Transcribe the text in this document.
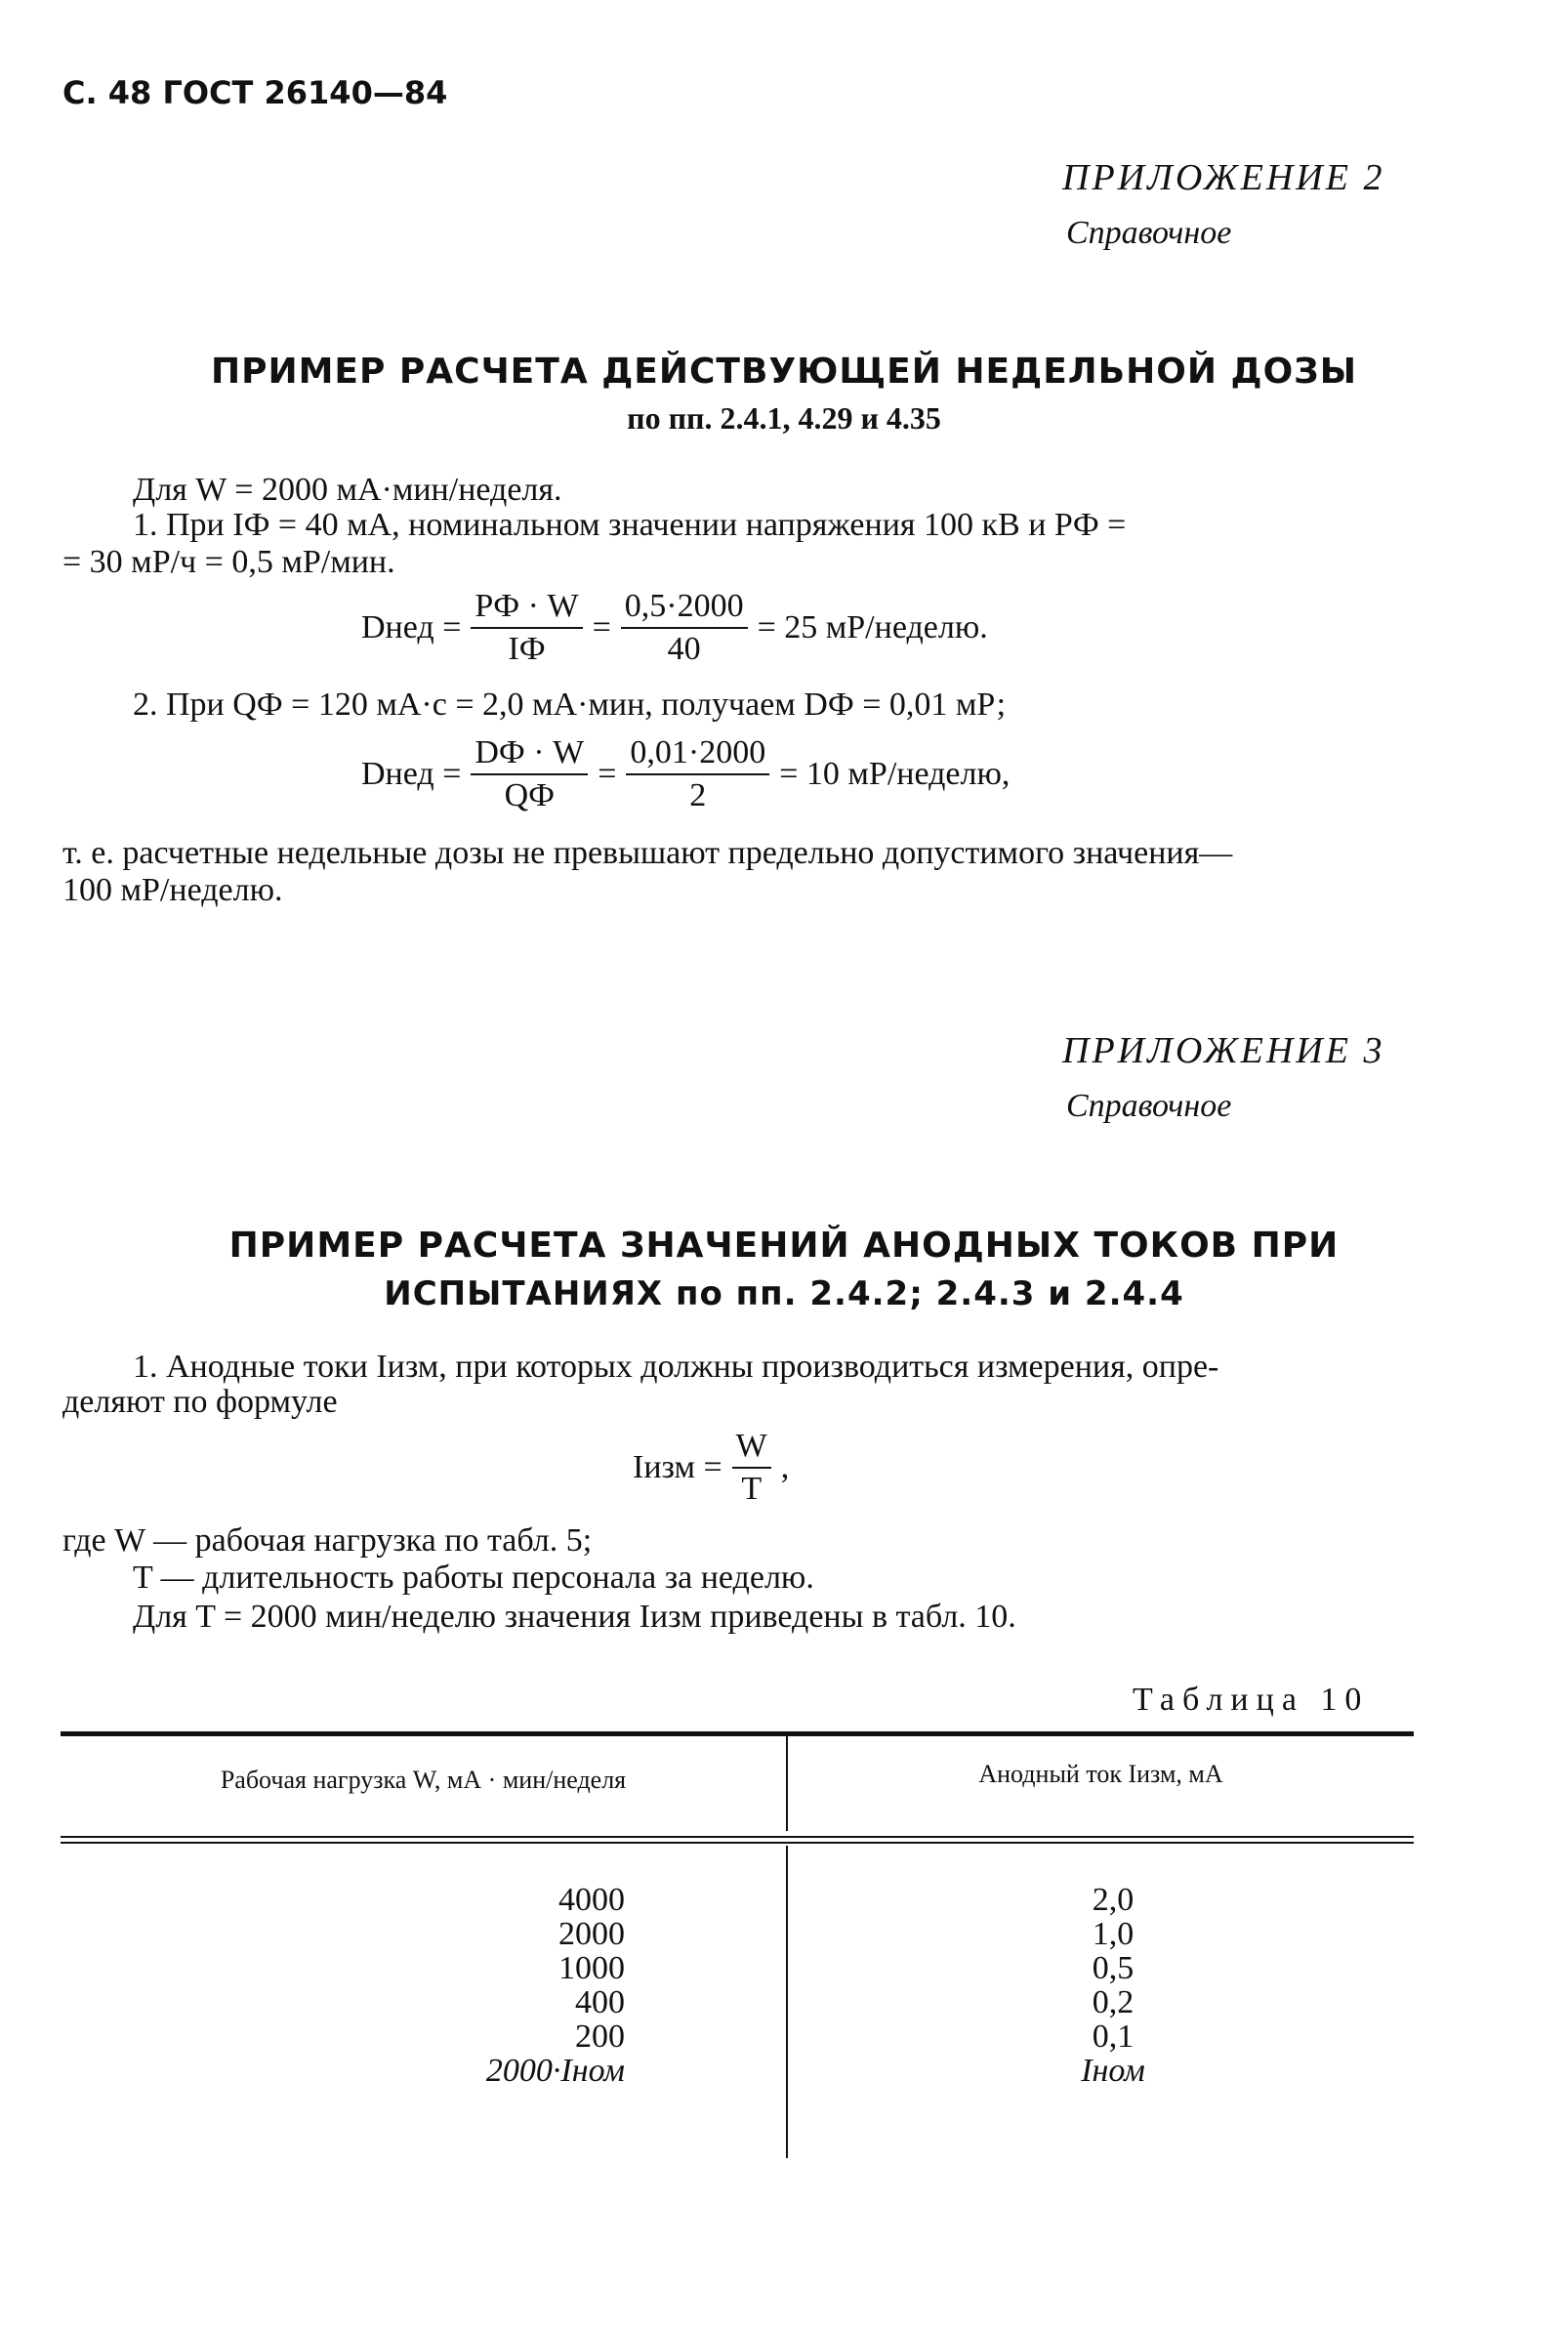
С. 48 ГОСТ 26140—84
ПРИЛОЖЕНИЕ 2
Справочное
ПРИМЕР РАСЧЕТА ДЕЙСТВУЮЩЕЙ НЕДЕЛЬНОЙ ДОЗЫ
по пп. 2.4.1, 4.29 и 4.35
Для W = 2000 мА·мин/неделя.
1. При IФ = 40 мА, номинальном значении напряжения 100 кВ и PФ =
= 30 мР/ч = 0,5 мР/мин.
Dнед = $\frac{PФ \cdot W}{IФ} = \frac{0,5\cdot 2000}{40} = 25$ мР/неделю.
2. При QФ = 120 мА·с = 2,0 мА·мин, получаем DФ = 0,01 мР;
Dнед = $\frac{DФ \cdot W}{QФ} = \frac{0,01\cdot 2000}{2} = 10$ мР/неделю,
т. е. расчетные недельные дозы не превышают предельно допустимого значения—
100 мР/неделю.
ПРИЛОЖЕНИЕ 3
Справочное
ПРИМЕР РАСЧЕТА ЗНАЧЕНИЙ АНОДНЫХ ТОКОВ ПРИ
ИСПЫТАНИЯХ по пп. 2.4.2; 2.4.3 и 2.4.4
1. Анодные токи Iизм, при которых должны производиться измерения, опре-
деляют по формуле
Iизм = $\frac{W}{T}$ ,
где W — рабочая нагрузка по табл. 5;
T — длительность работы персонала за неделю.
Для T = 2000 мин/неделю значения Iизм приведены в табл. 10.
Таблица 10
Рабочая нагрузка W, мА · мин/неделя	Анодный ток Iизм, мА
4000
2000
1000
400
200
2000·Iном
2,0
1,0
0,5
0,2
0,1
Iном
